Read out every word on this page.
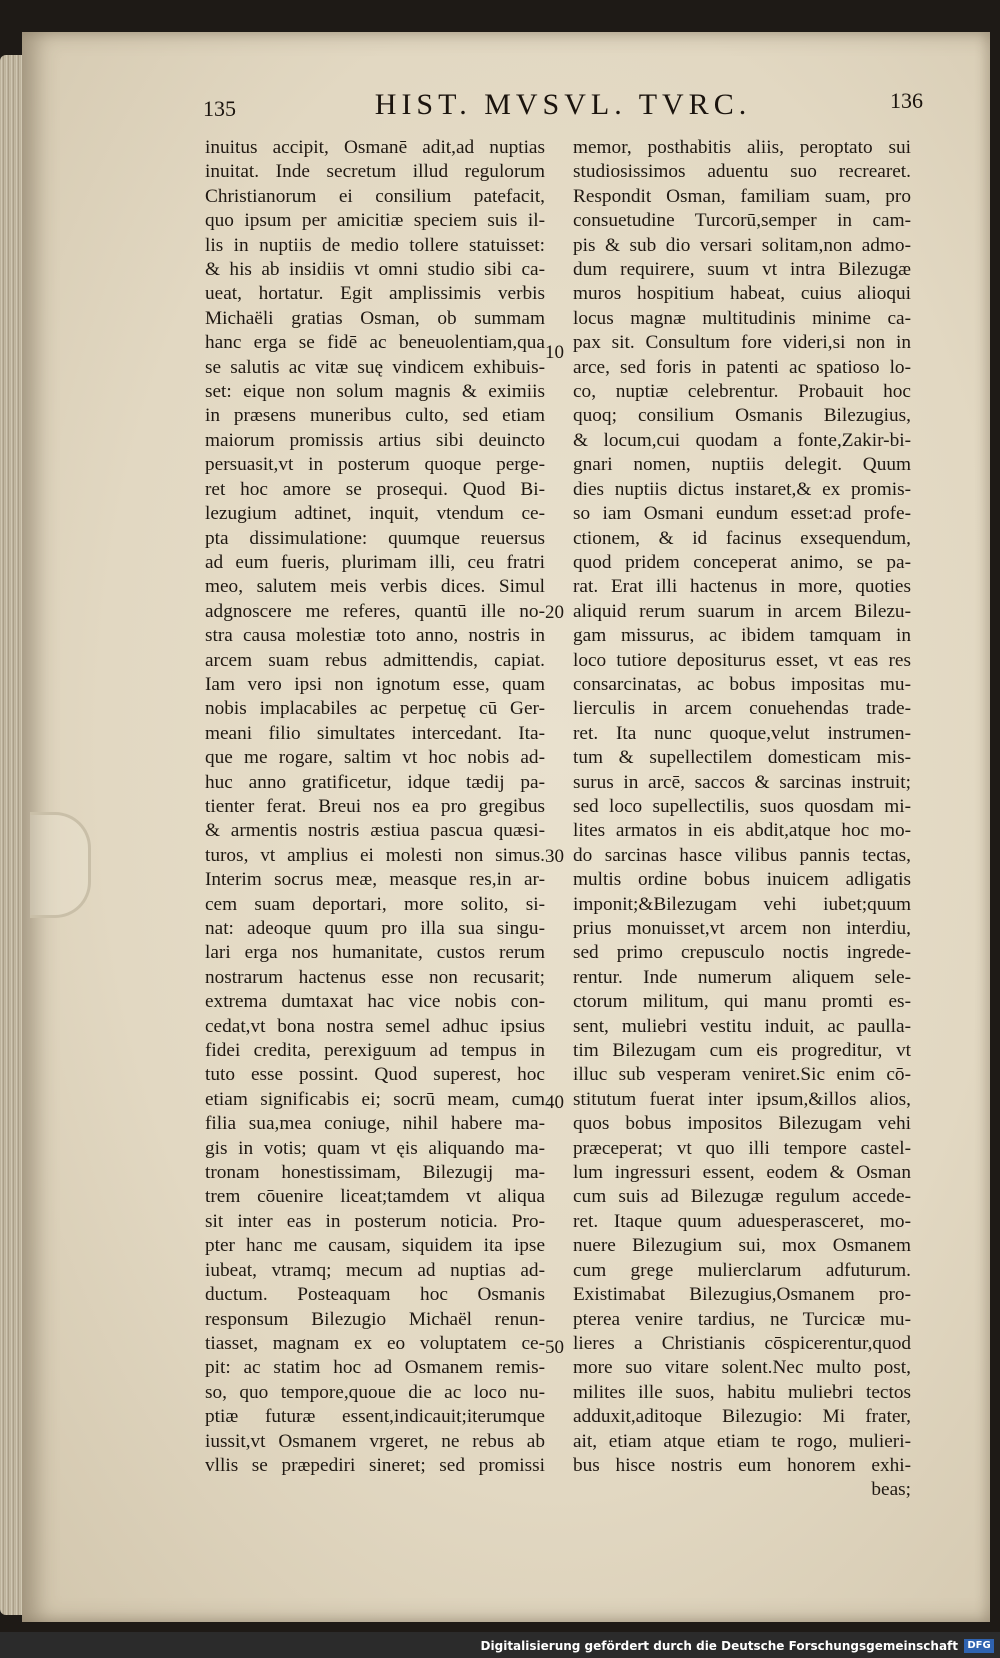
135	HIST. MVSVL. TVRC.	136
inuitus accipit, Osmanē adit,ad nuptias
inuitat. Inde secretum illud regulorum
Christianorum ei consilium patefacit,
quo ipsum per amicitiæ speciem suis il-
lis in nuptiis de medio tollere statuisset:
& his ab insidiis vt omni studio sibi ca-
ueat, hortatur. Egit amplissimis verbis
Michaëli gratias Osman, ob summam
hanc erga se fidē ac beneuolentiam,qua
se salutis ac vitæ suę vindicem exhibuis-
set: eique non solum magnis & eximiis
in præsens muneribus culto, sed etiam
maiorum promissis artius sibi deuincto
persuasit,vt in posterum quoque perge-
ret hoc amore se prosequi. Quod Bi-
lezugium adtinet, inquit, vtendum ce-
pta dissimulatione: quumque reuersus
ad eum fueris, plurimam illi, ceu fratri
meo, salutem meis verbis dices. Simul
adgnoscere me referes, quantū ille no-
stra causa molestiæ toto anno, nostris in
arcem suam rebus admittendis, capiat.
Iam vero ipsi non ignotum esse, quam
nobis implacabiles ac perpetuę cū Ger-
meani filio simultates intercedant. Ita-
que me rogare, saltim vt hoc nobis ad-
huc anno gratificetur, idque tædij pa-
tienter ferat. Breui nos ea pro gregibus
& armentis nostris æstiua pascua quæsi-
turos, vt amplius ei molesti non simus.
Interim socrus meæ, measque res,in ar-
cem suam deportari, more solito, si-
nat: adeoque quum pro illa sua singu-
lari erga nos humanitate, custos rerum
nostrarum hactenus esse non recusarit;
extrema dumtaxat hac vice nobis con-
cedat,vt bona nostra semel adhuc ipsius
fidei credita, perexiguum ad tempus in
tuto esse possint. Quod superest, hoc
etiam significabis ei; socrū meam, cum
filia sua,mea coniuge, nihil habere ma-
gis in votis; quam vt ęis aliquando ma-
tronam honestissimam, Bilezugij ma-
trem cōuenire liceat;tamdem vt aliqua
sit inter eas in posterum noticia. Pro-
pter hanc me causam, siquidem ita ipse
iubeat, vtramq; mecum ad nuptias ad-
ductum. Posteaquam hoc Osmanis
responsum Bilezugio Michaël renun-
tiasset, magnam ex eo voluptatem ce-
pit: ac statim hoc ad Osmanem remis-
so, quo tempore,quoue die ac loco nu-
ptiæ futuræ essent,indicauit;iterumque
iussit,vt Osmanem vrgeret, ne rebus ab
vllis se præpediri sineret; sed promissi
memor, posthabitis aliis, peroptato sui
studiosissimos aduentu suo recrearet.
Respondit Osman, familiam suam, pro
consuetudine Turcorū,semper in cam-
pis & sub dio versari solitam,non admo-
dum requirere, suum vt intra Bilezugæ
muros hospitium habeat, cuius alioqui
locus magnæ multitudinis minime ca-
pax sit. Consultum fore videri,si non in
arce, sed foris in patenti ac spatioso lo-
co, nuptiæ celebrentur. Probauit hoc
quoq; consilium Osmanis Bilezugius,
& locum,cui quodam a fonte,Zakir-bi-
gnari nomen, nuptiis delegit. Quum
dies nuptiis dictus instaret,& ex promis-
so iam Osmani eundum esset:ad profe-
ctionem, & id facinus exsequendum,
quod pridem conceperat animo, se pa-
rat. Erat illi hactenus in more, quoties
aliquid rerum suarum in arcem Bilezu-
gam missurus, ac ibidem tamquam in
loco tutiore depositurus esset, vt eas res
consarcinatas, ac bobus impositas mu-
lierculis in arcem conuehendas trade-
ret. Ita nunc quoque,velut instrumen-
tum & supellectilem domesticam mis-
surus in arcē, saccos & sarcinas instruit;
sed loco supellectilis, suos quosdam mi-
lites armatos in eis abdit,atque hoc mo-
do sarcinas hasce vilibus pannis tectas,
multis ordine bobus inuicem adligatis
imponit;&Bilezugam vehi iubet;quum
prius monuisset,vt arcem non interdiu,
sed primo crepusculo noctis ingrede-
rentur. Inde numerum aliquem sele-
ctorum militum, qui manu promti es-
sent, muliebri vestitu induit, ac paulla-
tim Bilezugam cum eis progreditur, vt
illuc sub vesperam veniret.Sic enim cō-
stitutum fuerat inter ipsum,&illos alios,
quos bobus impositos Bilezugam vehi
præceperat; vt quo illi tempore castel-
lum ingressuri essent, eodem & Osman
cum suis ad Bilezugæ regulum accede-
ret. Itaque quum aduesperasceret, mo-
nuere Bilezugium sui, mox Osmanem
cum grege mulierclarum adfuturum.
Existimabat Bilezugius,Osmanem pro-
pterea venire tardius, ne Turcicæ mu-
lieres a Christianis cōspicerentur,quod
more suo vitare solent.Nec multo post,
milites ille suos, habitu muliebri tectos
adduxit,aditoque Bilezugio: Mi frater,
ait, etiam atque etiam te rogo, mulieri-
bus hisce nostris eum honorem exhi-
beas;
10
20
30
40
50
Digitalisierung gefördert durch die Deutsche Forschungsgemeinschaft DFG
